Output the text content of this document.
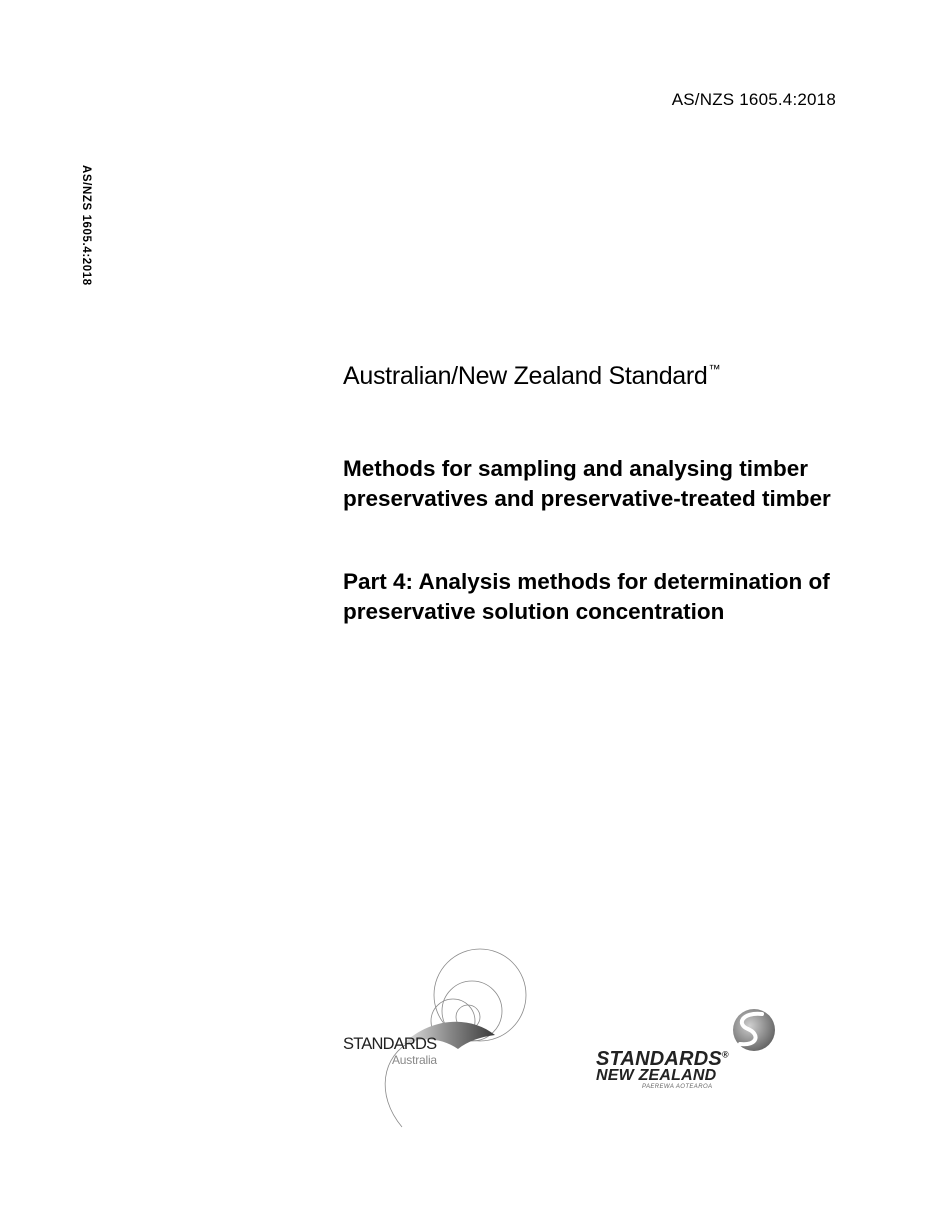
AS/NZS 1605.4:2018
AS/NZS 1605.4:2018
Australian/New Zealand Standard™
Methods for sampling and analysing timber preservatives and preservative-treated timber
Part 4: Analysis methods for determination of preservative solution concentration
STANDARDS
Australia	STANDARDS®
NEW ZEALAND
PAEREWA AOTEAROA
